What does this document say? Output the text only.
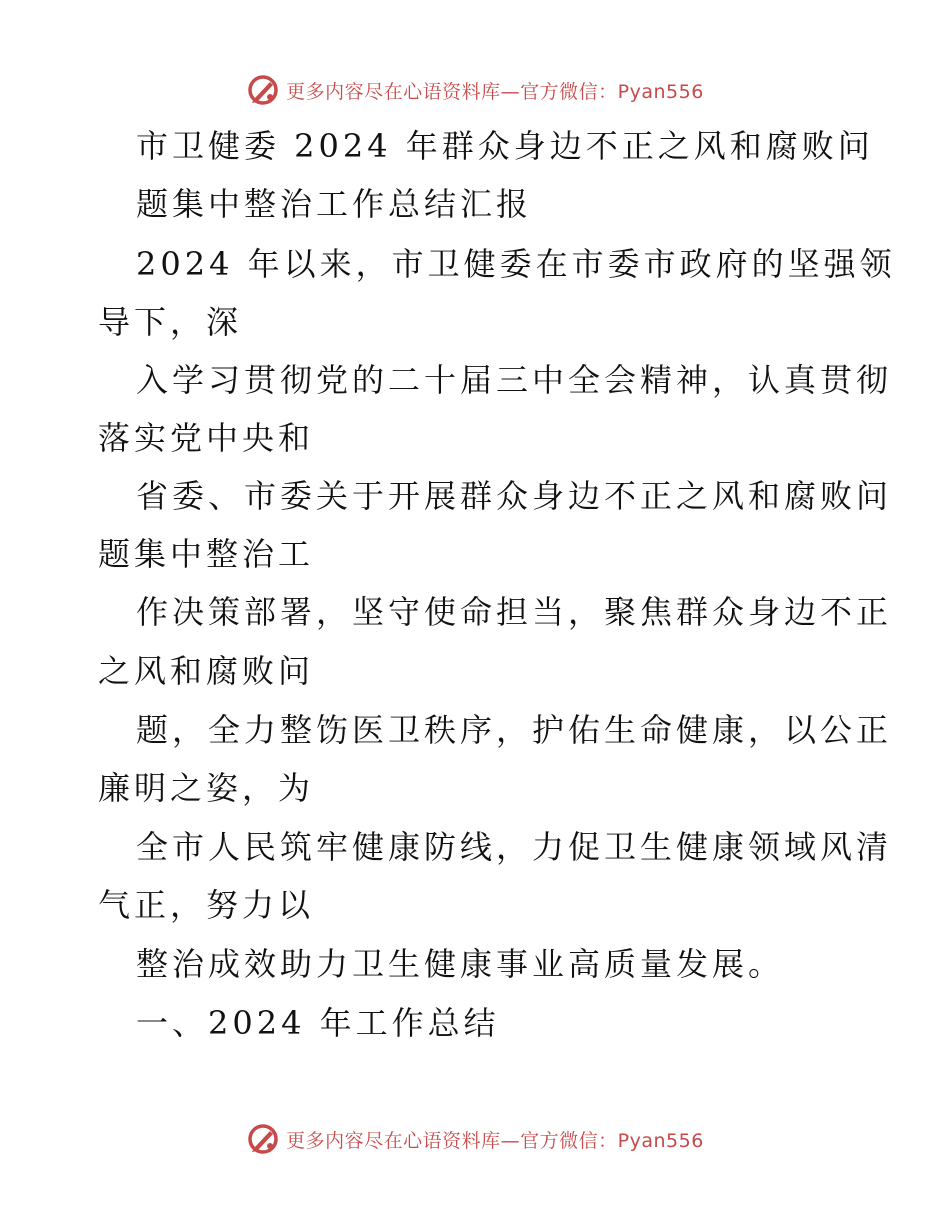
更多内容尽在心语资料库—官方微信：Pyan556
市卫健委 2024 年群众身边不正之风和腐败问
题集中整治工作总结汇报
2024 年以来，市卫健委在市委市政府的坚强领
导下，深
入学习贯彻党的二十届三中全会精神，认真贯彻
落实党中央和
省委、市委关于开展群众身边不正之风和腐败问
题集中整治工
作决策部署，坚守使命担当，聚焦群众身边不正
之风和腐败问
题，全力整饬医卫秩序，护佑生命健康，以公正
廉明之姿，为
全市人民筑牢健康防线，力促卫生健康领域风清
气正，努力以
整治成效助力卫生健康事业高质量发展。
一、2024 年工作总结
更多内容尽在心语资料库—官方微信：Pyan556
